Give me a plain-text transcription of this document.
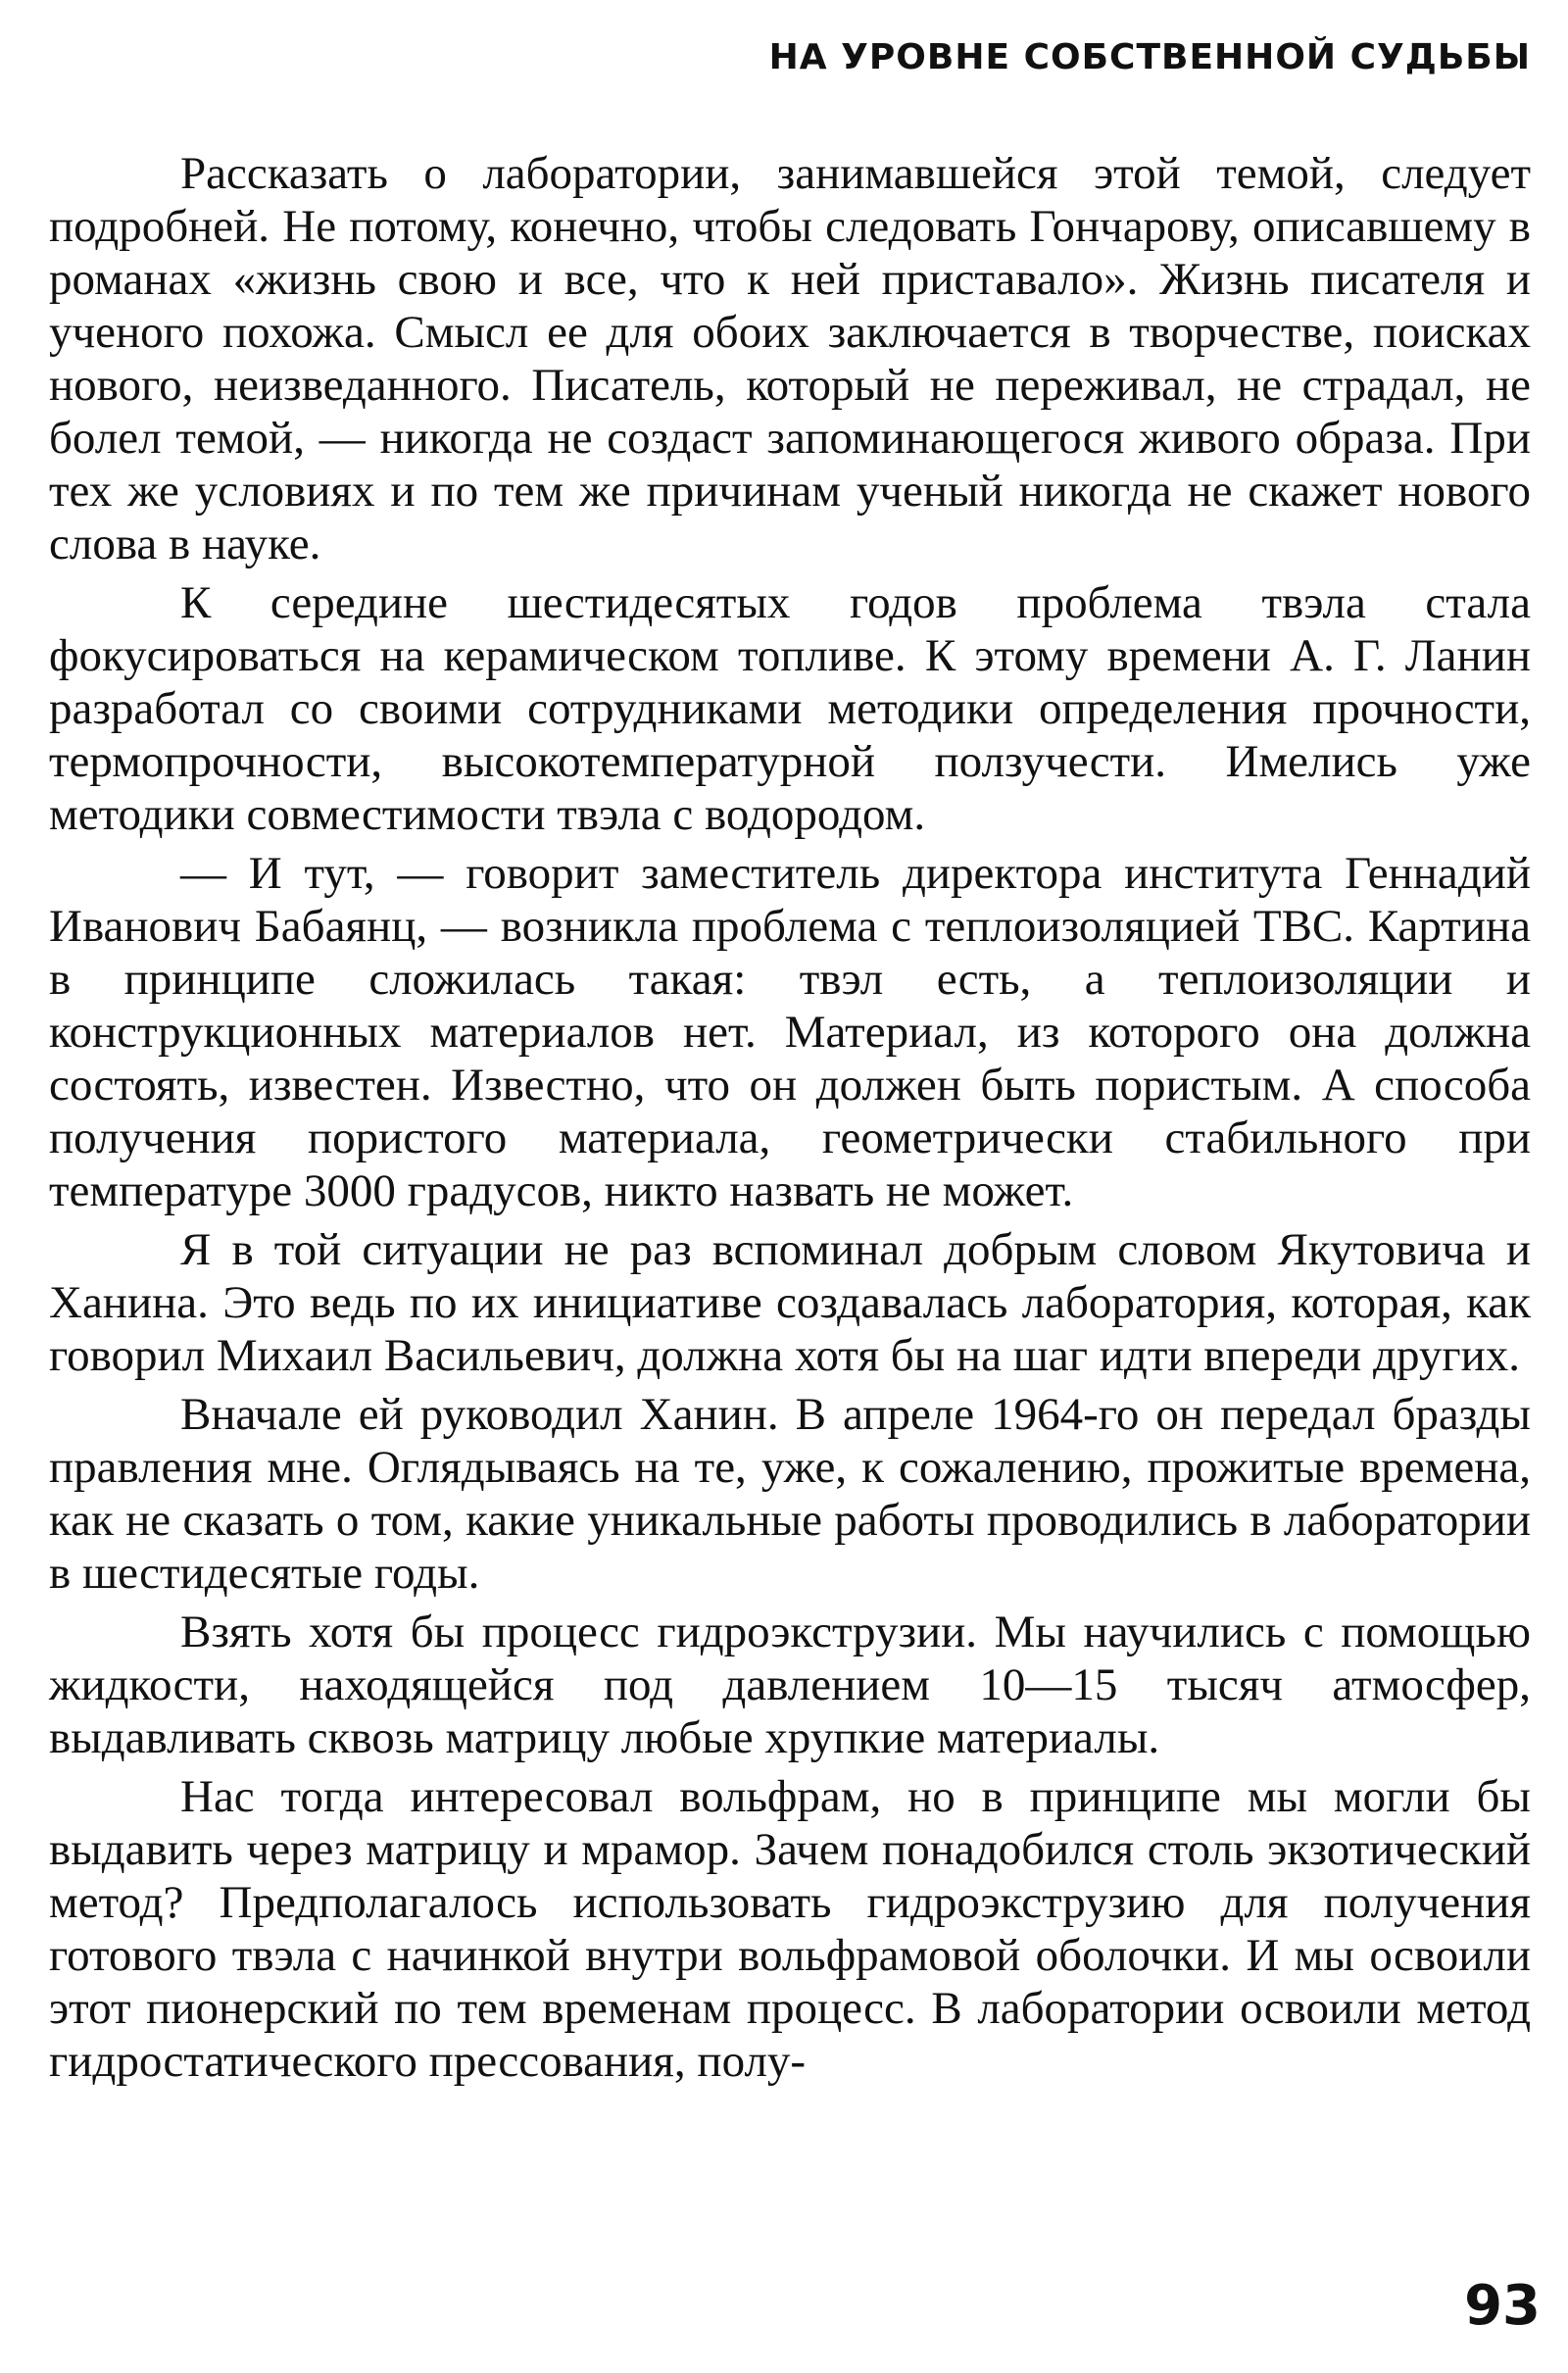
НА УРОВНЕ СОБСТВЕННОЙ СУДЬБЫ

Рассказать о лаборатории, занимавшейся этой темой, следует подробней. Не потому, конечно, чтобы следовать Гончарову, описавшему в романах «жизнь свою и все, что к ней приставало». Жизнь писателя и ученого похожа. Смысл ее для обоих заключается в творчестве, поисках нового, неизведанного. Писатель, который не переживал, не страдал, не болел темой, — никогда не создаст запоминающегося живого образа. При тех же условиях и по тем же причинам ученый никогда не скажет нового слова в науке.

К середине шестидесятых годов проблема твэла стала фокусироваться на керамическом топливе. К этому времени А. Г. Ланин разработал со своими сотрудниками методики определения прочности, термопрочности, высокотемпературной ползучести. Имелись уже методики совместимости твэла с водородом.

— И тут, — говорит заместитель директора института Геннадий Иванович Бабаянц, — возникла проблема с теплоизоляцией ТВС. Картина в принципе сложилась такая: твэл есть, а теплоизоляции и конструкционных материалов нет. Материал, из которого она должна состоять, известен. Известно, что он должен быть пористым. А способа получения пористого материала, геометрически стабильного при температуре 3000 градусов, никто назвать не может.

Я в той ситуации не раз вспоминал добрым словом Якутовича и Ханина. Это ведь по их инициативе создавалась лаборатория, которая, как говорил Михаил Васильевич, должна хотя бы на шаг идти впереди других.

Вначале ей руководил Ханин. В апреле 1964-го он передал бразды правления мне. Оглядываясь на те, уже, к сожалению, прожитые времена, как не сказать о том, какие уникальные работы проводились в лаборатории в шестидесятые годы.

Взять хотя бы процесс гидроэкструзии. Мы научились с помощью жидкости, находящейся под давлением 10—15 тысяч атмосфер, выдавливать сквозь матрицу любые хрупкие материалы.

Нас тогда интересовал вольфрам, но в принципе мы могли бы выдавить через матрицу и мрамор. Зачем понадобился столь экзотический метод? Предполагалось использовать гидроэкструзию для получения готового твэла с начинкой внутри вольфрамовой оболочки. И мы освоили этот пионерский по тем временам процесс. В лаборатории освоили метод гидростатического прессования, полу-

93
